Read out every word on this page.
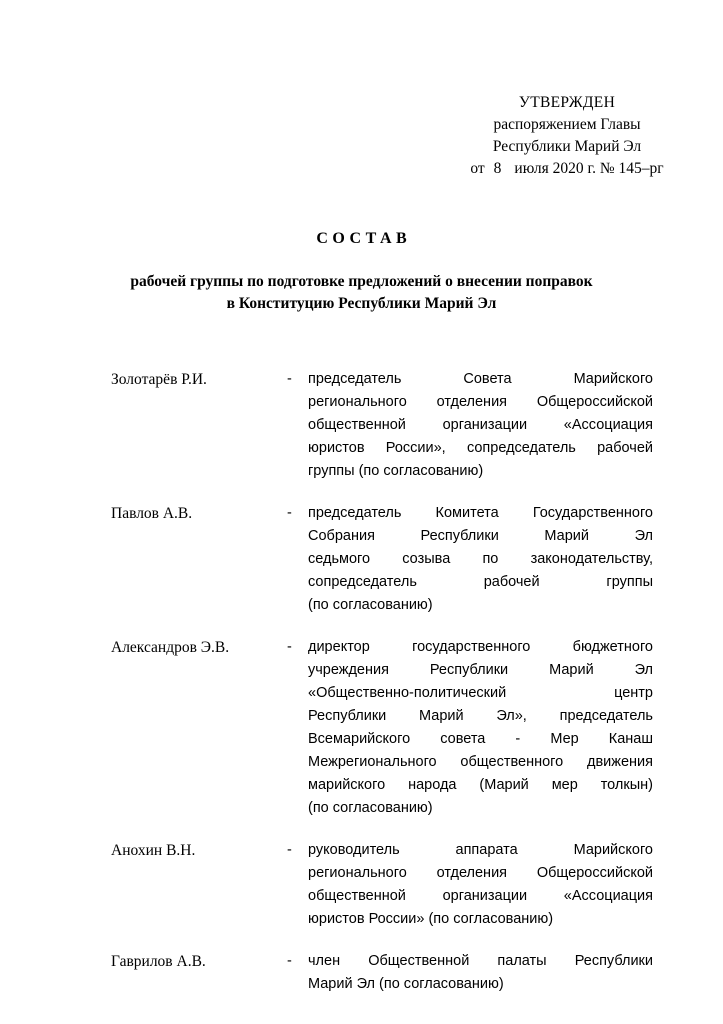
УТВЕРЖДЕН
распоряжением Главы
Республики Марий Эл
от 8 июля 2020 г. № 145–рг
СОСТАВ
рабочей группы по подготовке предложений о внесении поправок
в Конституцию Республики Марий Эл
Золотарёв Р.И.	-	председатель Совета Марийского
регионального отделения Общероссийской
общественной организации «Ассоциация
юристов России», сопредседатель рабочей
группы (по согласованию)
Павлов А.В.	-	председатель Комитета Государственного
Собрания Республики Марий Эл
седьмого созыва по законодательству,
сопредседатель рабочей группы
(по согласованию)
Александров Э.В.	-	директор государственного бюджетного
учреждения Республики Марий Эл
«Общественно-политический центр
Республики Марий Эл», председатель
Всемарийского совета - Мер Канаш
Межрегионального общественного движения
марийского народа (Марий мер толкын)
(по согласованию)
Анохин В.Н.	-	руководитель аппарата Марийского
регионального отделения Общероссийской
общественной организации «Ассоциация
юристов России» (по согласованию)
Гаврилов А.В.	-	член Общественной палаты Республики
Марий Эл (по согласованию)
